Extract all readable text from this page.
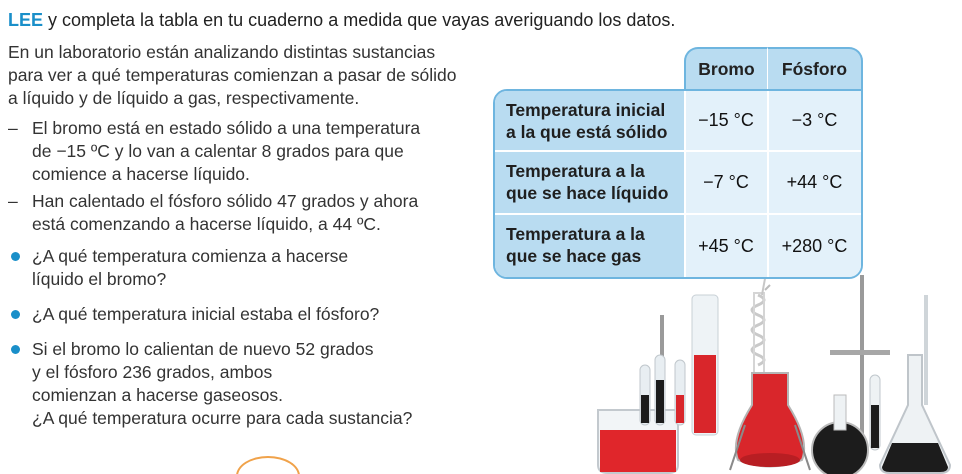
LEE y completa la tabla en tu cuaderno a medida que vayas averiguando los datos.
En un laboratorio están analizando distintas sustancias
para ver a qué temperaturas comienzan a pasar de sólido
a líquido y de líquido a gas, respectivamente.
– El bromo está en estado sólido a una temperatura
de −15 ºC y lo van a calentar 8 grados para que
comience a hacerse líquido.
– Han calentado el fósforo sólido 47 grados y ahora
está comenzando a hacerse líquido, a 44 ºC.
¿A qué temperatura comienza a hacerse
líquido el bromo?
¿A qué temperatura inicial estaba el fósforo?
Si el bromo lo calientan de nuevo 52 grados
y el fósforo 236 grados, ambos
comienzan a hacerse gaseosos.
¿A qué temperatura ocurre para cada sustancia?
Bromo	Fósforo
Temperatura inicial
a la que está sólido
−15 °C	−3 °C
Temperatura a la
que se hace líquido
−7 °C	+44 °C
Temperatura a la
que se hace gas
+45 °C	+280 °C
